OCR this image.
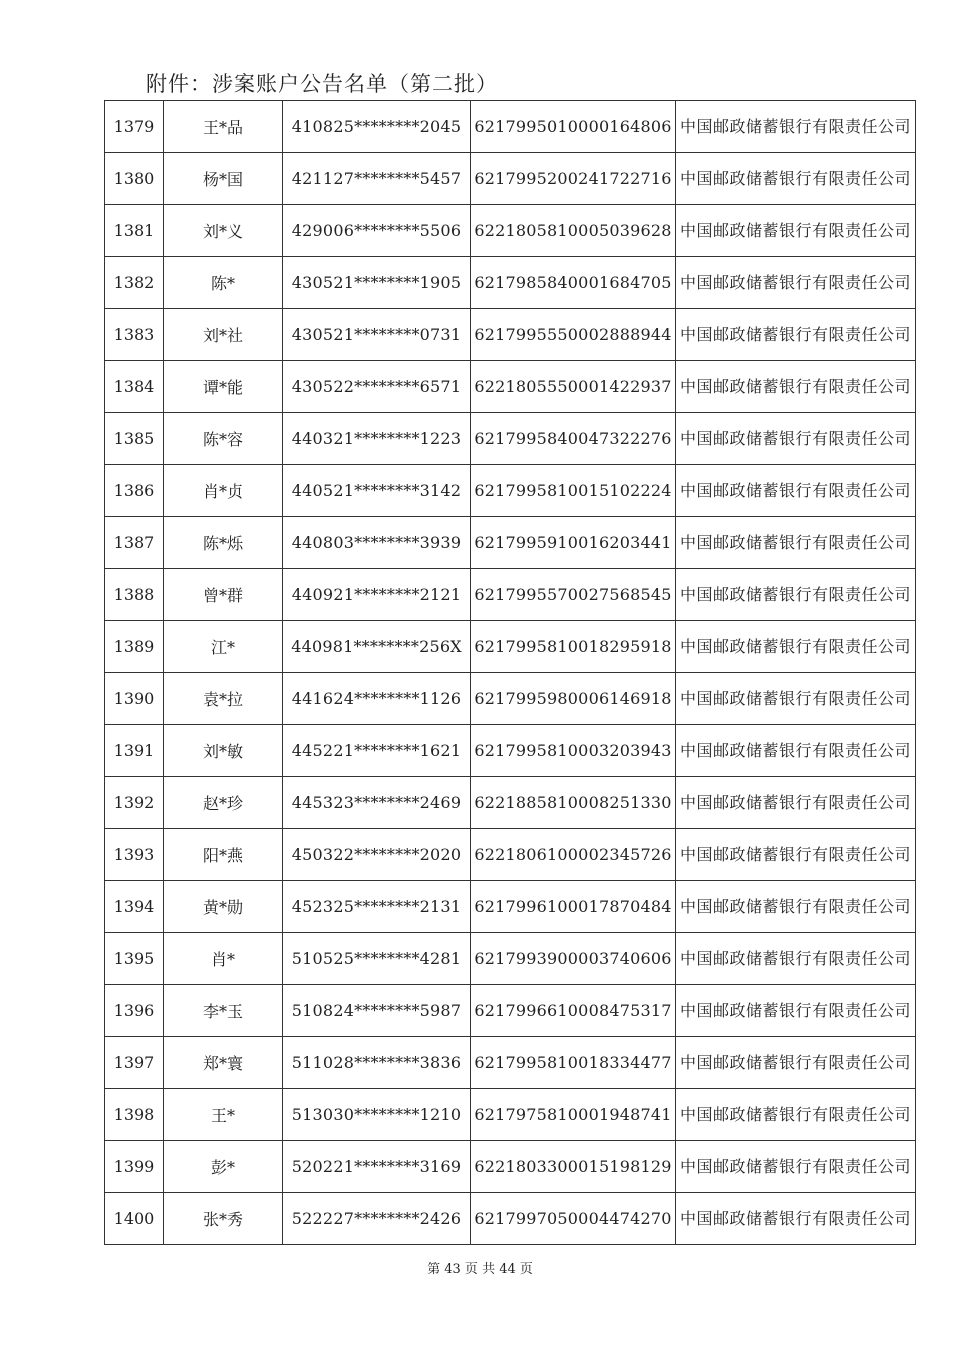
附件：涉案账户公告名单（第二批）
1379	王*品	410825********2045	6217995010000164806	中国邮政储蓄银行有限责任公司
1380	杨*国	421127********5457	6217995200241722716	中国邮政储蓄银行有限责任公司
1381	刘*义	429006********5506	6221805810005039628	中国邮政储蓄银行有限责任公司
1382	陈*	430521********1905	6217985840001684705	中国邮政储蓄银行有限责任公司
1383	刘*社	430521********0731	6217995550002888944	中国邮政储蓄银行有限责任公司
1384	谭*能	430522********6571	6221805550001422937	中国邮政储蓄银行有限责任公司
1385	陈*容	440321********1223	6217995840047322276	中国邮政储蓄银行有限责任公司
1386	肖*贞	440521********3142	6217995810015102224	中国邮政储蓄银行有限责任公司
1387	陈*烁	440803********3939	6217995910016203441	中国邮政储蓄银行有限责任公司
1388	曾*群	440921********2121	6217995570027568545	中国邮政储蓄银行有限责任公司
1389	江*	440981********256X	6217995810018295918	中国邮政储蓄银行有限责任公司
1390	袁*拉	441624********1126	6217995980006146918	中国邮政储蓄银行有限责任公司
1391	刘*敏	445221********1621	6217995810003203943	中国邮政储蓄银行有限责任公司
1392	赵*珍	445323********2469	6221885810008251330	中国邮政储蓄银行有限责任公司
1393	阳*燕	450322********2020	6221806100002345726	中国邮政储蓄银行有限责任公司
1394	黄*勋	452325********2131	6217996100017870484	中国邮政储蓄银行有限责任公司
1395	肖*	510525********4281	6217993900003740606	中国邮政储蓄银行有限责任公司
1396	李*玉	510824********5987	6217996610008475317	中国邮政储蓄银行有限责任公司
1397	郑*寰	511028********3836	6217995810018334477	中国邮政储蓄银行有限责任公司
1398	王*	513030********1210	6217975810001948741	中国邮政储蓄银行有限责任公司
1399	彭*	520221********3169	6221803300015198129	中国邮政储蓄银行有限责任公司
1400	张*秀	522227********2426	6217997050004474270	中国邮政储蓄银行有限责任公司
第 43 页 共 44 页
